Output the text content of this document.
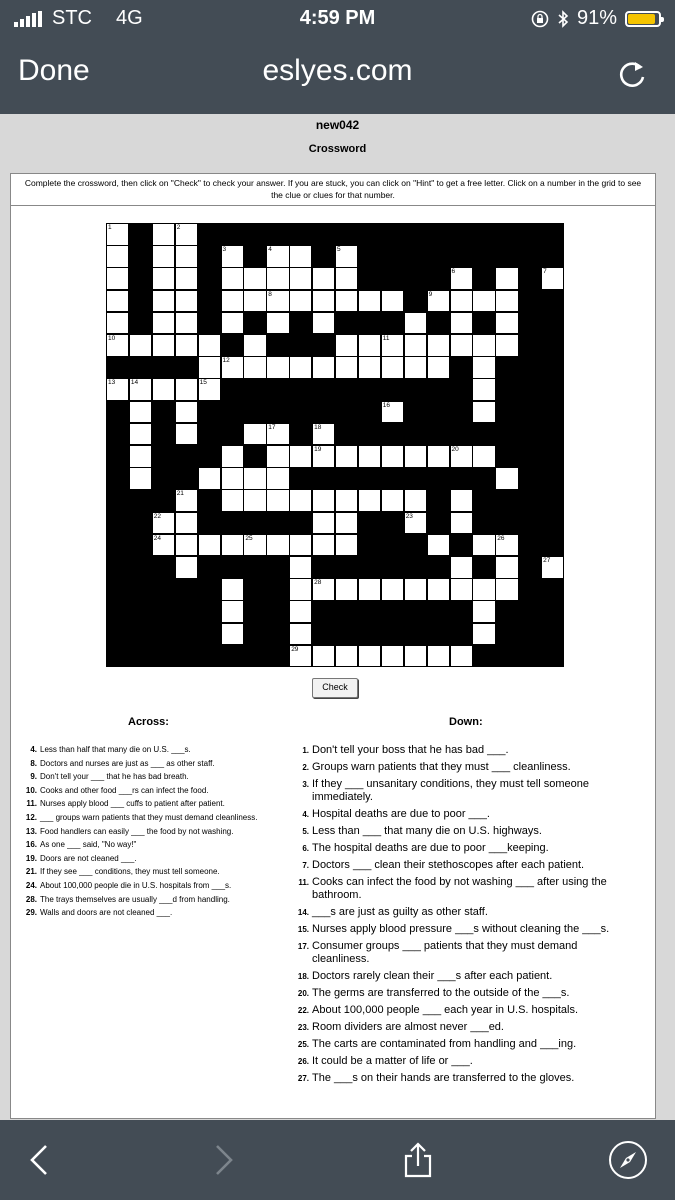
STC 4G	4:59 PM	91%
Done	eslyes.com
new042
Crossword
Complete the crossword, then click on "Check" to check your answer. If you are stuck, you can click on "Hint" to get a free letter. Click on a number in the grid to see the clue or clues for that number.
1	2
3	4	5
6	7
8	9
10	11
12
13 14	15
16
17	18
19	20
21
22	23
24	25	26
27
28
29
Check
Across:	Down:
4. Less than half that many die on U.S. ___s.
8. Doctors and nurses are just as ___ as other staff.
9. Don't tell your ___ that he has bad breath.
10. Cooks and other food ___rs can infect the food.
11. Nurses apply blood ___ cuffs to patient after patient.
12. ___ groups warn patients that they must demand cleanliness.
13. Food handlers can easily ___ the food by not washing.
16. As one ___ said, "No way!"
19. Doors are not cleaned ___.
21. If they see ___ conditions, they must tell someone.
24. About 100,000 people die in U.S. hospitals from ___s.
28. The trays themselves are usually ___d from handling.
29. Walls and doors are not cleaned ___.
1. Don't tell your boss that he has bad ___.
2. Groups warn patients that they must ___ cleanliness.
3. If they ___ unsanitary conditions, they must tell someone immediately.
4. Hospital deaths are due to poor ___.
5. Less than ___ that many die on U.S. highways.
6. The hospital deaths are due to poor ___keeping.
7. Doctors ___ clean their stethoscopes after each patient.
11. Cooks can infect the food by not washing ___ after using the bathroom.
14. ___s are just as guilty as other staff.
15. Nurses apply blood pressure ___s without cleaning the ___s.
17. Consumer groups ___ patients that they must demand cleanliness.
18. Doctors rarely clean their ___s after each patient.
20. The germs are transferred to the outside of the ___s.
22. About 100,000 people ___ each year in U.S. hospitals.
23. Room dividers are almost never ___ed.
25. The carts are contaminated from handling and ___ing.
26. It could be a matter of life or ___.
27. The ___s on their hands are transferred to the gloves.
